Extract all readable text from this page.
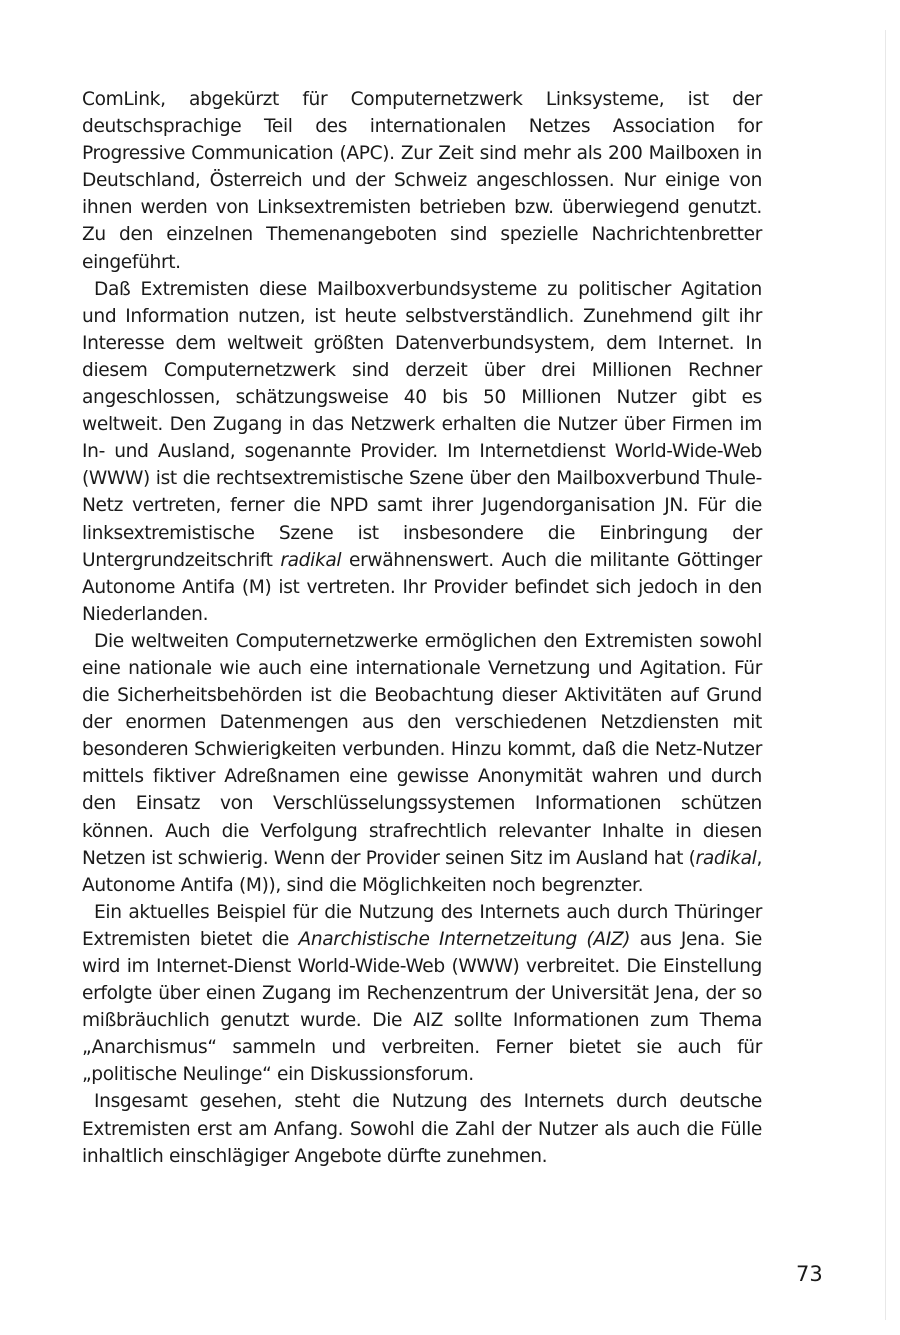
ComLink, abgekürzt für Computernetzwerk Linksysteme, ist der deutschsprachige Teil des internationalen Netzes Association for Progressive Communication (APC). Zur Zeit sind mehr als 200 Mailboxen in Deutschland, Österreich und der Schweiz angeschlossen. Nur einige von ihnen werden von Linksextremisten betrieben bzw. überwiegend genutzt. Zu den einzelnen Themenangeboten sind spezielle Nachrichtenbretter eingeführt.

Daß Extremisten diese Mailboxverbundsysteme zu politischer Agitation und Information nutzen, ist heute selbstverständlich. Zunehmend gilt ihr Interesse dem weltweit größten Datenverbundsystem, dem Internet. In diesem Computernetzwerk sind derzeit über drei Millionen Rechner angeschlossen, schätzungsweise 40 bis 50 Millionen Nutzer gibt es weltweit. Den Zugang in das Netzwerk erhalten die Nutzer über Firmen im In- und Ausland, sogenannte Provider. Im Internetdienst World-Wide-Web (WWW) ist die rechtsextremistische Szene über den Mailboxverbund Thule-Netz vertreten, ferner die NPD samt ihrer Jugendorganisation JN. Für die linksextremistische Szene ist insbesondere die Einbringung der Untergrundzeitschrift radikal erwähnenswert. Auch die militante Göttinger Autonome Antifa (M) ist vertreten. Ihr Provider befindet sich jedoch in den Niederlanden.

Die weltweiten Computernetzwerke ermöglichen den Extremisten sowohl eine nationale wie auch eine internationale Vernetzung und Agitation. Für die Sicherheitsbehörden ist die Beobachtung dieser Aktivitäten auf Grund der enormen Datenmengen aus den verschiedenen Netzdiensten mit besonderen Schwierigkeiten verbunden. Hinzu kommt, daß die Netz-Nutzer mittels fiktiver Adreßnamen eine gewisse Anonymität wahren und durch den Einsatz von Verschlüsselungssystemen Informationen schützen können. Auch die Verfolgung strafrechtlich relevanter Inhalte in diesen Netzen ist schwierig. Wenn der Provider seinen Sitz im Ausland hat (radikal, Autonome Antifa (M)), sind die Möglichkeiten noch begrenzter.

Ein aktuelles Beispiel für die Nutzung des Internets auch durch Thüringer Extremisten bietet die Anarchistische Internetzeitung (AIZ) aus Jena. Sie wird im Internet-Dienst World-Wide-Web (WWW) verbreitet. Die Einstellung erfolgte über einen Zugang im Rechenzentrum der Universität Jena, der so mißbräuchlich genutzt wurde. Die AIZ sollte Informationen zum Thema „Anarchismus“ sammeln und verbreiten. Ferner bietet sie auch für „politische Neulinge“ ein Diskussionsforum.

Insgesamt gesehen, steht die Nutzung des Internets durch deutsche Extremisten erst am Anfang. Sowohl die Zahl der Nutzer als auch die Fülle inhaltlich einschlägiger Angebote dürfte zunehmen.

73
